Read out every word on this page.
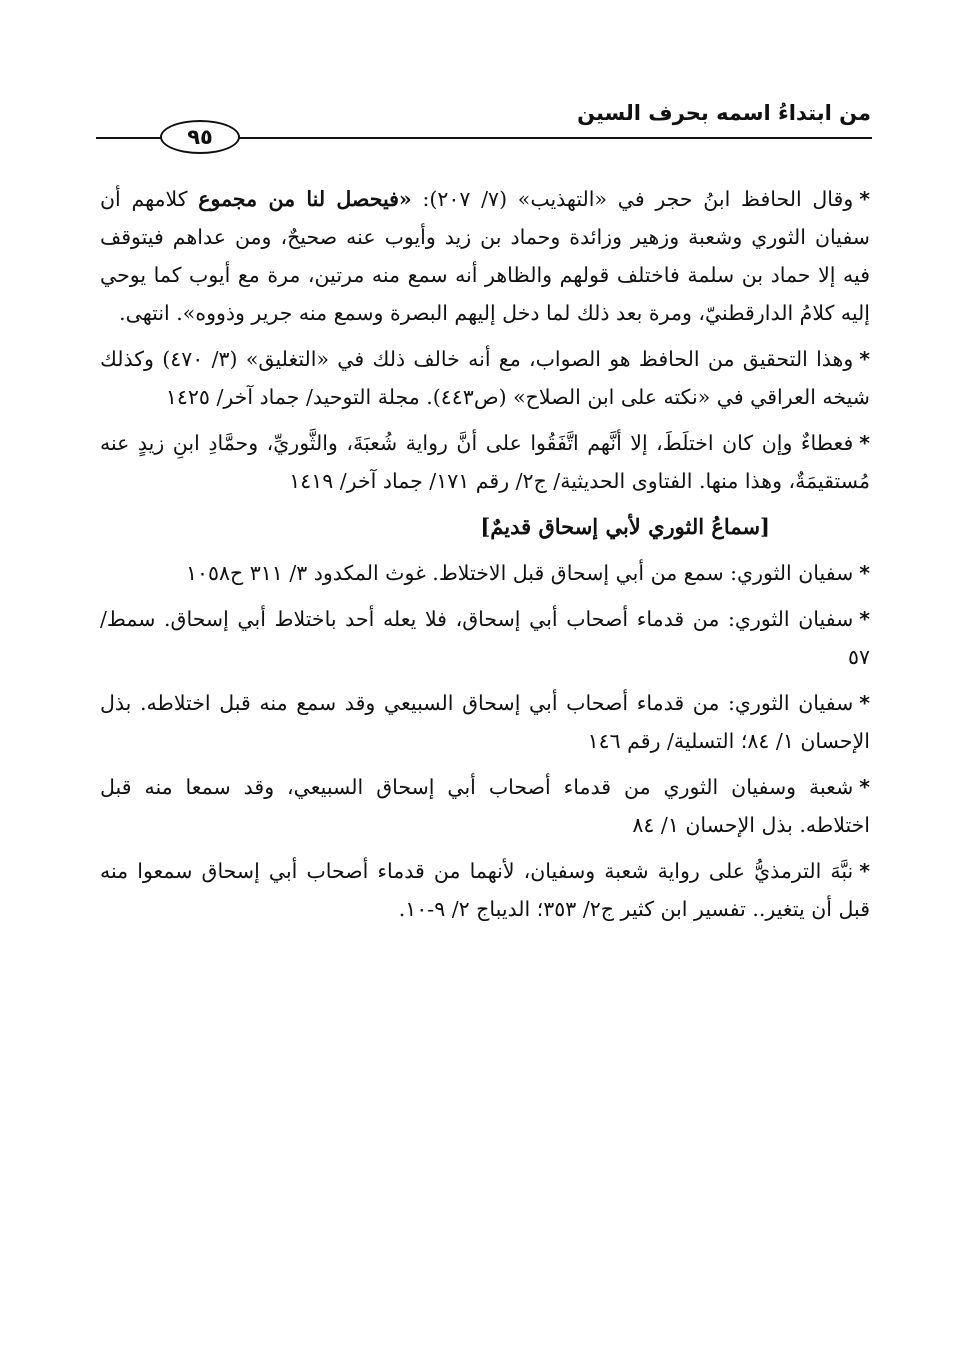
من ابتداءُ اسمه بحرف السين
٩٥

*وقال الحافظ ابنُ حجر في «التهذيب» (٧/ ٢٠٧): «فيحصل لنا من مجموع كلامهم أن سفيان الثوري وشعبة وزهير وزائدة وحماد بن زيد وأيوب عنه صحيحٌ، ومن عداهم فيتوقف فيه إلا حماد بن سلمة فاختلف قولهم والظاهر أنه سمع منه مرتين، مرة مع أيوب كما يوحي إليه كلامُ الدارقطنيّ، ومرة بعد ذلك لما دخل إليهم البصرة وسمع منه جرير وذووه». انتهى.

*وهذا التحقيق من الحافظ هو الصواب، مع أنه خالف ذلك في «التغليق» (٣/ ٤٧٠) وكذلك شيخه العراقي في «نكته على ابن الصلاح» (ص٤٤٣). مجلة التوحيد/ جماد آخر/ ١٤٢٥

*فعطاءٌ وإن كان اختلَطَ، إلا أنَّهم اتَّفَقُوا على أنَّ رواية شُعبَةَ، والثَّوريِّ، وحمَّادِ ابنِ زيدٍ عنه مُستقيمَةٌ، وهذا منها. الفتاوى الحديثية/ ج٢/ رقم ١٧١/ جماد آخر/ ١٤١٩

[سماعُ الثوري لأبي إسحاق قديمٌ]

*سفيان الثوري: سمع من أبي إسحاق قبل الاختلاط. غوث المكدود ٣/ ٣١١ ح١٠٥٨

*سفيان الثوري: من قدماء أصحاب أبي إسحاق، فلا يعله أحد باختلاط أبي إسحاق. سمط/ ٥٧

*سفيان الثوري: من قدماء أصحاب أبي إسحاق السبيعي وقد سمع منه قبل اختلاطه. بذل الإحسان ١/ ٨٤؛ التسلية/ رقم ١٤٦

*شعبة وسفيان الثوري من قدماء أصحاب أبي إسحاق السبيعي، وقد سمعا منه قبل اختلاطه. بذل الإحسان ١/ ٨٤

*نبَّهَ الترمذيُّ على رواية شعبة وسفيان، لأنهما من قدماء أصحاب أبي إسحاق سمعوا منه قبل أن يتغير.. تفسير ابن كثير ج٢/ ٣٥٣؛ الديباج ٢/ ٩-١٠.
